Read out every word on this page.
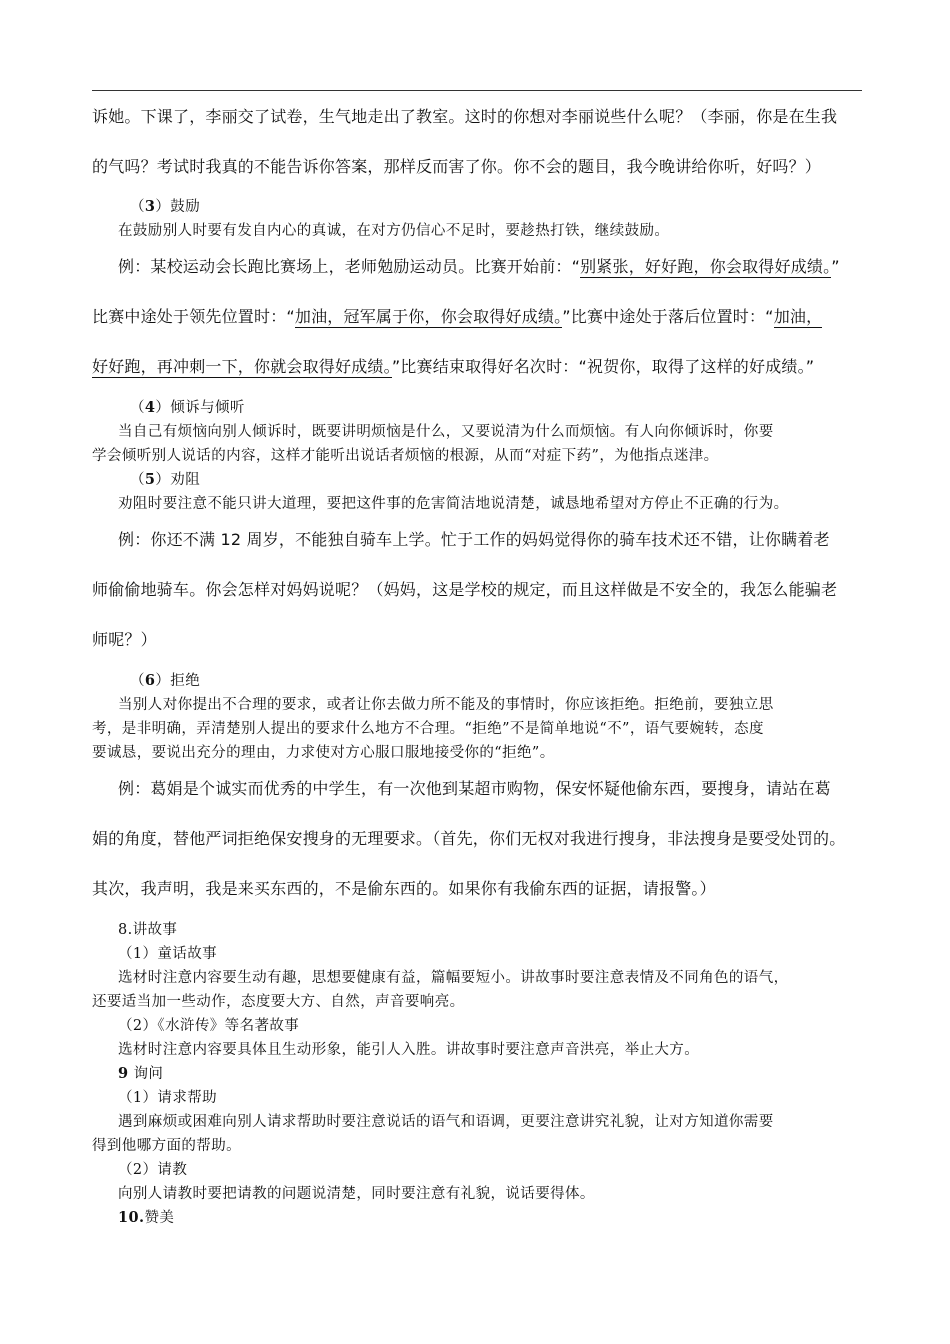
诉她。下课了，李丽交了试卷，生气地走出了教室。这时的你想对李丽说些什么呢？（李丽，你是在生我
的气吗？考试时我真的不能告诉你答案，那样反而害了你。你不会的题目，我今晚讲给你听，好吗？）
（3）鼓励
在鼓励别人时要有发自内心的真诚，在对方仍信心不足时，要趁热打铁，继续鼓励。
例：某校运动会长跑比赛场上，老师勉励运动员。比赛开始前：“别紧张，好好跑，你会取得好成绩。”
比赛中途处于领先位置时：“加油，冠军属于你，你会取得好成绩。”比赛中途处于落后位置时：“加油，
好好跑，再冲刺一下，你就会取得好成绩。”比赛结束取得好名次时：“祝贺你，取得了这样的好成绩。”
（4）倾诉与倾听
当自己有烦恼向别人倾诉时，既要讲明烦恼是什么，又要说清为什么而烦恼。有人向你倾诉时，你要
学会倾听别人说话的内容，这样才能听出说话者烦恼的根源，从而“对症下药”，为他指点迷津。
（5）劝阻
劝阻时要注意不能只讲大道理，要把这件事的危害简洁地说清楚，诚恳地希望对方停止不正确的行为。
例：你还不满 12 周岁，不能独自骑车上学。忙于工作的妈妈觉得你的骑车技术还不错，让你瞒着老
师偷偷地骑车。你会怎样对妈妈说呢？（妈妈，这是学校的规定，而且这样做是不安全的，我怎么能骗老
师呢？）
（6）拒绝
当别人对你提出不合理的要求，或者让你去做力所不能及的事情时，你应该拒绝。拒绝前，要独立思
考，是非明确，弄清楚别人提出的要求什么地方不合理。“拒绝”不是简单地说“不”，语气要婉转，态度
要诚恳，要说出充分的理由，力求使对方心服口服地接受你的“拒绝”。
例：葛娟是个诚实而优秀的中学生，有一次他到某超市购物，保安怀疑他偷东西，要搜身，请站在葛
娟的角度，替他严词拒绝保安搜身的无理要求。（首先，你们无权对我进行搜身，非法搜身是要受处罚的。
其次，我声明，我是来买东西的，不是偷东西的。如果你有我偷东西的证据，请报警。）
8.讲故事
（1）童话故事
选材时注意内容要生动有趣，思想要健康有益，篇幅要短小。讲故事时要注意表情及不同角色的语气，
还要适当加一些动作，态度要大方、自然，声音要响亮。
（2）《水浒传》等名著故事
选材时注意内容要具体且生动形象，能引人入胜。讲故事时要注意声音洪亮，举止大方。
9 询问
（1）请求帮助
遇到麻烦或困难向别人请求帮助时要注意说话的语气和语调，更要注意讲究礼貌，让对方知道你需要
得到他哪方面的帮助。
（2）请教
向别人请教时要把请教的问题说清楚，同时要注意有礼貌，说话要得体。
10.赞美
